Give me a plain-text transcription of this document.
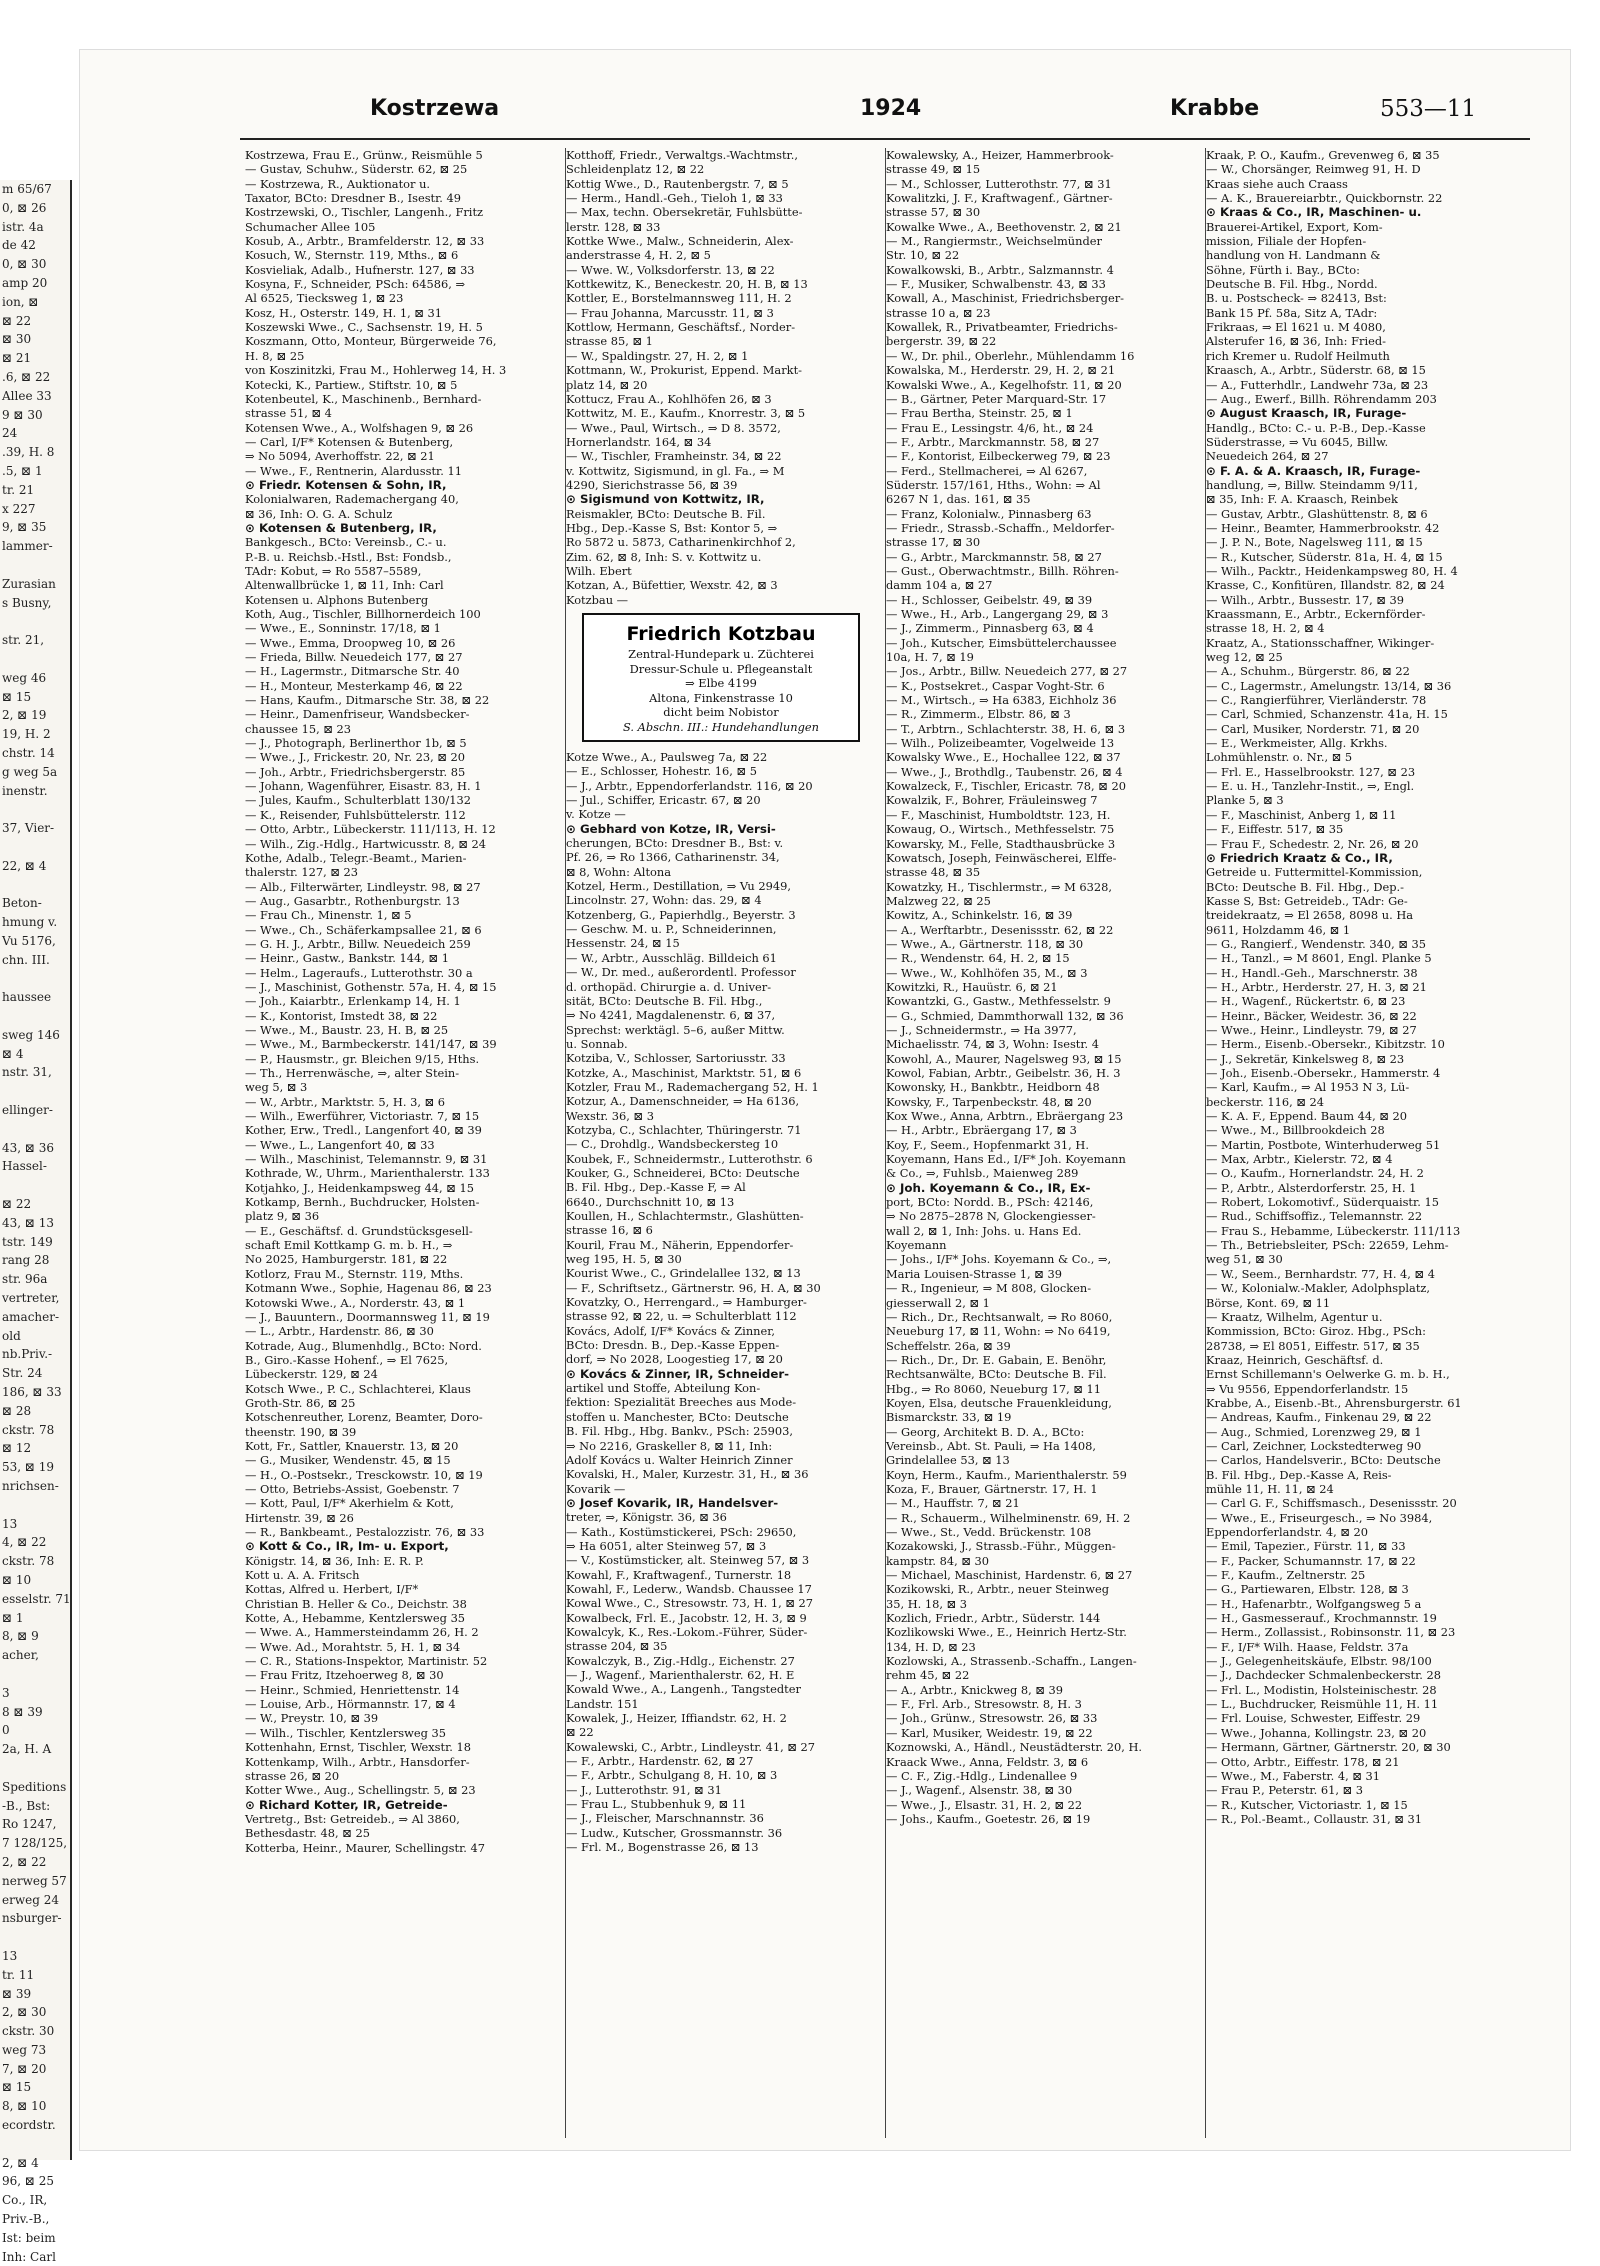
m 65/67
0, ⊠ 26
istr. 4a
de 42
0, ⊠ 30
amp 20
ion, ⊠
⊠ 22
⊠ 30
⊠ 21
.6, ⊠ 22
Allee 33
9 ⊠ 30
24
.39, H. 8
.5, ⊠ 1
tr. 21
x 227
9, ⊠ 35
lammer-

Zurasian
s Busny,

str. 21,

weg 46
⊠ 15
2, ⊠ 19
19, H. 2
chstr. 14
g weg 5a
inenstr.

37, Vier-

22, ⊠ 4

Beton-
hmung v.
Vu 5176,
chn. III.

haussee

sweg 146
⊠ 4
nstr. 31,

ellinger-

43, ⊠ 36
Hassel-

⊠ 22
43, ⊠ 13
tstr. 149
rang 28
str. 96a
vertreter,
amacher-
old
nb.Priv.-
Str. 24
186, ⊠ 33
⊠ 28
ckstr. 78
⊠ 12
53, ⊠ 19
nrichsen-

13
4, ⊠ 22
ckstr. 78
⊠ 10
esselstr. 71
⊠ 1
8, ⊠ 9
acher,

3
8 ⊠ 39
0
2a, H. A

Speditions
-B., Bst:
Ro 1247,
7 128/125,
2, ⊠ 22
nerweg 57
erweg 24
nsburger-

13
tr. 11
⊠ 39
2, ⊠ 30
ckstr. 30
weg 73
7, ⊠ 20
⊠ 15
8, ⊠ 10
ecordstr.

2, ⊠ 4
96, ⊠ 25
Co., IR,
Priv.-B.,
Ist: beim
Inh: Carl
Kostrzewa	1924	Krabbe	553—11
Kostrzewa, Frau E., Grünw., Reismühle 5
— Gustav, Schuhw., Süderstr. 62, ⊠ 25
— Kostrzewa, R., Auktionator u.
Taxator, BCto: Dresdner B., Isestr. 49
Kostrzewski, O., Tischler, Langenh., Fritz
Schumacher Allee 105
Kosub, A., Arbtr., Bramfelderstr. 12, ⊠ 33
Kosuch, W., Sternstr. 119, Mths., ⊠ 6
Kosvieliak, Adalb., Hufnerstr. 127, ⊠ 33
Kosyna, F., Schneider, PSch: 64586, ⇒
Al 6525, Tiecksweg 1, ⊠ 23
Kosz, H., Osterstr. 149, H. 1, ⊠ 31
Koszewski Wwe., C., Sachsenstr. 19, H. 5
Koszmann, Otto, Monteur, Bürgerweide 76,
H. 8, ⊠ 25
von Koszinitzki, Frau M., Hohlerweg 14, H. 3
Kotecki, K., Partiew., Stiftstr. 10, ⊠ 5
Kotenbeutel, K., Maschinenb., Bernhard-
strasse 51, ⊠ 4
Kotensen Wwe., A., Wolfshagen 9, ⊠ 26
— Carl, I/F* Kotensen & Butenberg,
⇒ No 5094, Averhoffstr. 22, ⊠ 21
— Wwe., F., Rentnerin, Alardusstr. 11
⊙ Friedr. Kotensen & Sohn, IR,
Kolonialwaren, Rademachergang 40,
⊠ 36, Inh: O. G. A. Schulz
⊙ Kotensen & Butenberg, IR,
Bankgesch., BCto: Vereinsb., C.- u.
P.-B. u. Reichsb.-Hstl., Bst: Fondsb.,
TAdr: Kobut, ⇒ Ro 5587–5589,
Altenwallbrücke 1, ⊠ 11, Inh: Carl
Kotensen u. Alphons Butenberg
Koth, Aug., Tischler, Billhornerdeich 100
— Wwe., E., Sonninstr. 17/18, ⊠ 1
— Wwe., Emma, Droopweg 10, ⊠ 26
— Frieda, Billw. Neuedeich 177, ⊠ 27
— H., Lagermstr., Ditmarsche Str. 40
— H., Monteur, Mesterkamp 46, ⊠ 22
— Hans, Kaufm., Ditmarsche Str. 38, ⊠ 22
— Heinr., Damenfriseur, Wandsbecker-
chaussee 15, ⊠ 23
— J., Photograph, Berlinerthor 1b, ⊠ 5
— Wwe., J., Frickestr. 20, Nr. 23, ⊠ 20
— Joh., Arbtr., Friedrichsbergerstr. 85
— Johann, Wagenführer, Eisastr. 83, H. 1
— Jules, Kaufm., Schulterblatt 130/132
— K., Reisender, Fuhlsbüttelerstr. 112
— Otto, Arbtr., Lübeckerstr. 111/113, H. 12
— Wilh., Zig.-Hdlg., Hartwicusstr. 8, ⊠ 24
Kothe, Adalb., Telegr.-Beamt., Marien-
thalerstr. 127, ⊠ 23
— Alb., Filterwärter, Lindleystr. 98, ⊠ 27
— Aug., Gasarbtr., Rothenburgstr. 13
— Frau Ch., Minenstr. 1, ⊠ 5
— Wwe., Ch., Schäferkampsallee 21, ⊠ 6
— G. H. J., Arbtr., Billw. Neuedeich 259
— Heinr., Gastw., Bankstr. 144, ⊠ 1
— Helm., Lageraufs., Lutterothstr. 30 a
— J., Maschinist, Gothenstr. 57a, H. 4, ⊠ 15
— Joh., Kaiarbtr., Erlenkamp 14, H. 1
— K., Kontorist, Imstedt 38, ⊠ 22
— Wwe., M., Baustr. 23, H. B, ⊠ 25
— Wwe., M., Barmbeckerstr. 141/147, ⊠ 39
— P., Hausmstr., gr. Bleichen 9/15, Hths.
— Th., Herrenwäsche, ⇒, alter Stein-
weg 5, ⊠ 3
— W., Arbtr., Marktstr. 5, H. 3, ⊠ 6
— Wilh., Ewerführer, Victoriastr. 7, ⊠ 15
Kother, Erw., Tredl., Langenfort 40, ⊠ 39
— Wwe., L., Langenfort 40, ⊠ 33
— Wilh., Maschinist, Telemannstr. 9, ⊠ 31
Kothrade, W., Uhrm., Marienthalerstr. 133
Kotjahko, J., Heidenkampsweg 44, ⊠ 15
Kotkamp, Bernh., Buchdrucker, Holsten-
platz 9, ⊠ 36
— E., Geschäftsf. d. Grundstücksgesell-
schaft Emil Kottkamp G. m. b. H., ⇒
No 2025, Hamburgerstr. 181, ⊠ 22
Kotlorz, Frau M., Sternstr. 119, Mths.
Kotmann Wwe., Sophie, Hagenau 86, ⊠ 23
Kotowski Wwe., A., Norderstr. 43, ⊠ 1
— J., Bauuntern., Doormannsweg 11, ⊠ 19
— L., Arbtr., Hardenstr. 86, ⊠ 30
Kotrade, Aug., Blumenhdlg., BCto: Nord.
B., Giro.-Kasse Hohenf., ⇒ El 7625,
Lübeckerstr. 129, ⊠ 24
Kotsch Wwe., P. C., Schlachterei, Klaus
Groth-Str. 86, ⊠ 25
Kotschenreuther, Lorenz, Beamter, Doro-
theenstr. 190, ⊠ 39
Kott, Fr., Sattler, Knauerstr. 13, ⊠ 20
— G., Musiker, Wendenstr. 45, ⊠ 15
— H., O.-Postsekr., Tresckowstr. 10, ⊠ 19
— Otto, Betriebs-Assist, Goebenstr. 7
— Kott, Paul, I/F* Akerhielm & Kott,
Hirtenstr. 39, ⊠ 26
— R., Bankbeamt., Pestalozzistr. 76, ⊠ 33
⊙ Kott & Co., IR, Im- u. Export,
Königstr. 14, ⊠ 36, Inh: E. R. P.
Kott u. A. A. Fritsch
Kottas, Alfred u. Herbert, I/F*
Christian B. Heller & Co., Deichstr. 38
Kotte, A., Hebamme, Kentzlersweg 35
— Wwe. A., Hammersteindamm 26, H. 2
— Wwe. Ad., Morahtstr. 5, H. 1, ⊠ 34
— C. R., Stations-Inspektor, Martinistr. 52
— Frau Fritz, Itzehoerweg 8, ⊠ 30
— Heinr., Schmied, Henriettenstr. 14
— Louise, Arb., Hörmannstr. 17, ⊠ 4
— W., Preystr. 10, ⊠ 39
— Wilh., Tischler, Kentzlersweg 35
Kottenhahn, Ernst, Tischler, Wexstr. 18
Kottenkamp, Wilh., Arbtr., Hansdorfer-
strasse 26, ⊠ 20
Kotter Wwe., Aug., Schellingstr. 5, ⊠ 23
⊙ Richard Kotter, IR, Getreide-
Vertretg., Bst: Getreideb., ⇒ Al 3860,
Bethesdastr. 48, ⊠ 25
Kotterba, Heinr., Maurer, Schellingstr. 47
Kotthoff, Friedr., Verwaltgs.-Wachtmstr.,
Schleidenplatz 12, ⊠ 22
Kottig Wwe., D., Rautenbergstr. 7, ⊠ 5
— Herm., Handl.-Geh., Tieloh 1, ⊠ 33
— Max, techn. Obersekretär, Fuhlsbütte-
lerstr. 128, ⊠ 33
Kottke Wwe., Malw., Schneiderin, Alex-
anderstrasse 4, H. 2, ⊠ 5
— Wwe. W., Volksdorferstr. 13, ⊠ 22
Kottkewitz, K., Beneckestr. 20, H. B, ⊠ 13
Kottler, E., Borstelmannsweg 111, H. 2
— Frau Johanna, Marcusstr. 11, ⊠ 3
Kottlow, Hermann, Geschäftsf., Norder-
strasse 85, ⊠ 1
— W., Spaldingstr. 27, H. 2, ⊠ 1
Kottmann, W., Prokurist, Eppend. Markt-
platz 14, ⊠ 20
Kottucz, Frau A., Kohlhöfen 26, ⊠ 3
Kottwitz, M. E., Kaufm., Knorrestr. 3, ⊠ 5
— Wwe., Paul, Wirtsch., ⇒ D 8. 3572,
Hornerlandstr. 164, ⊠ 34
— W., Tischler, Framheinstr. 34, ⊠ 22
v. Kottwitz, Sigismund, in gl. Fa., ⇒ M
4290, Sierichstrasse 56, ⊠ 39
⊙ Sigismund von Kottwitz, IR,
Reismakler, BCto: Deutsche B. Fil.
Hbg., Dep.-Kasse S, Bst: Kontor 5, ⇒
Ro 5872 u. 5873, Catharinenkirchhof 2,
Zim. 62, ⊠ 8, Inh: S. v. Kottwitz u.
Wilh. Ebert
Kotzan, A., Büfettier, Wexstr. 42, ⊠ 3
Kotzbau —
Friedrich Kotzbau
Zentral-Hundepark u. Züchterei
Dressur-Schule u. Pflegeanstalt
⇒ Elbe 4199
Altona, Finkenstrasse 10
dicht beim Nobistor
S. Abschn. III.: Hundehandlungen
Kotze Wwe., A., Paulsweg 7a, ⊠ 22
— E., Schlosser, Hohestr. 16, ⊠ 5
— J., Arbtr., Eppendorferlandstr. 116, ⊠ 20
— Jul., Schiffer, Ericastr. 67, ⊠ 20
v. Kotze —
⊙ Gebhard von Kotze, IR, Versi-
cherungen, BCto: Dresdner B., Bst: v.
Pf. 26, ⇒ Ro 1366, Catharinenstr. 34,
⊠ 8, Wohn: Altona
Kotzel, Herm., Destillation, ⇒ Vu 2949,
Lincolnstr. 27, Wohn: das. 29, ⊠ 4
Kotzenberg, G., Papierhdlg., Beyerstr. 3
— Geschw. M. u. P., Schneiderinnen,
Hessenstr. 24, ⊠ 15
— W., Arbtr., Ausschläg. Billdeich 61
— W., Dr. med., außerordentl. Professor
d. orthopäd. Chirurgie a. d. Univer-
sität, BCto: Deutsche B. Fil. Hbg.,
⇒ No 4241, Magdalenenstr. 6, ⊠ 37,
Sprechst: werktägl. 5–6, außer Mittw.
u. Sonnab.
Kotziba, V., Schlosser, Sartoriusstr. 33
Kotzke, A., Maschinist, Marktstr. 51, ⊠ 6
Kotzler, Frau M., Rademachergang 52, H. 1
Kotzur, A., Damenschneider, ⇒ Ha 6136,
Wexstr. 36, ⊠ 3
Kotzyba, C., Schlachter, Thüringerstr. 71
— C., Drohdlg., Wandsbeckersteg 10
Koubek, F., Schneidermstr., Lutterothstr. 6
Kouker, G., Schneiderei, BCto: Deutsche
B. Fil. Hbg., Dep.-Kasse F, ⇒ Al
6640., Durchschnitt 10, ⊠ 13
Koullen, H., Schlachtermstr., Glashütten-
strasse 16, ⊠ 6
Kouril, Frau M., Näherin, Eppendorfer-
weg 195, H. 5, ⊠ 30
Kourist Wwe., C., Grindelallee 132, ⊠ 13
— F., Schriftsetz., Gärtnerstr. 96, H. A, ⊠ 30
Kovatzky, O., Herrengard., ⇒ Hamburger-
strasse 92, ⊠ 22, u. ⇒ Schulterblatt 112
Kovács, Adolf, I/F* Kovács & Zinner,
BCto: Dresdn. B., Dep.-Kasse Eppen-
dorf, ⇒ No 2028, Loogestieg 17, ⊠ 20
⊙ Kovács & Zinner, IR, Schneider-
artikel und Stoffe, Abteilung Kon-
fektion: Spezialität Breeches aus Mode-
stoffen u. Manchester, BCto: Deutsche
B. Fil. Hbg., Hbg. Bankv., PSch: 25903,
⇒ No 2216, Graskeller 8, ⊠ 11, Inh:
Adolf Kovács u. Walter Heinrich Zinner
Kovalski, H., Maler, Kurzestr. 31, H., ⊠ 36
Kovarik —
⊙ Josef Kovarik, IR, Handelsver-
treter, ⇒, Königstr. 36, ⊠ 36
— Kath., Kostümstickerei, PSch: 29650,
⇒ Ha 6051, alter Steinweg 57, ⊠ 3
— V., Kostümsticker, alt. Steinweg 57, ⊠ 3
Kowahl, F., Kraftwagenf., Turnerstr. 18
Kowahl, F., Lederw., Wandsb. Chaussee 17
Kowal Wwe., C., Stresowstr. 73, H. 1, ⊠ 27
Kowalbeck, Frl. E., Jacobstr. 12, H. 3, ⊠ 9
Kowalcyk, K., Res.-Lokom.-Führer, Süder-
strasse 204, ⊠ 35
Kowalczyk, B., Zig.-Hdlg., Eichenstr. 27
— J., Wagenf., Marienthalerstr. 62, H. E
Kowald Wwe., A., Langenh., Tangstedter
Landstr. 151
Kowalek, J., Heizer, Iffiandstr. 62, H. 2
⊠ 22
Kowalewski, C., Arbtr., Lindleystr. 41, ⊠ 27
— F., Arbtr., Hardenstr. 62, ⊠ 27
— F., Arbtr., Schulgang 8, H. 10, ⊠ 3
— J., Lutterothstr. 91, ⊠ 31
— Frau L., Stubbenhuk 9, ⊠ 11
— J., Fleischer, Marschnannstr. 36
— Ludw., Kutscher, Grossmannstr. 36
— Frl. M., Bogenstrasse 26, ⊠ 13
Kowalewsky, A., Heizer, Hammerbrook-
strasse 49, ⊠ 15
— M., Schlosser, Lutterothstr. 77, ⊠ 31
Kowalitzki, J. F., Kraftwagenf., Gärtner-
strasse 57, ⊠ 30
Kowalke Wwe., A., Beethovenstr. 2, ⊠ 21
— M., Rangiermstr., Weichselmünder
Str. 10, ⊠ 22
Kowalkowski, B., Arbtr., Salzmannstr. 4
— F., Musiker, Schwalbenstr. 43, ⊠ 33
Kowall, A., Maschinist, Friedrichsberger-
strasse 10 a, ⊠ 23
Kowallek, R., Privatbeamter, Friedrichs-
bergerstr. 39, ⊠ 22
— W., Dr. phil., Oberlehr., Mühlendamm 16
Kowalska, M., Herderstr. 29, H. 2, ⊠ 21
Kowalski Wwe., A., Kegelhofstr. 11, ⊠ 20
— B., Gärtner, Peter Marquard-Str. 17
— Frau Bertha, Steinstr. 25, ⊠ 1
— Frau E., Lessingstr. 4/6, ht., ⊠ 24
— F., Arbtr., Marckmannstr. 58, ⊠ 27
— F., Kontorist, Eilbeckerweg 79, ⊠ 23
— Ferd., Stellmacherei, ⇒ Al 6267,
Süderstr. 157/161, Hths., Wohn: ⇒ Al
6267 N 1, das. 161, ⊠ 35
— Franz, Kolonialw., Pinnasberg 63
— Friedr., Strassb.-Schaffn., Meldorfer-
strasse 17, ⊠ 30
— G., Arbtr., Marckmannstr. 58, ⊠ 27
— Gust., Oberwachtmstr., Billh. Röhren-
damm 104 a, ⊠ 27
— H., Schlosser, Geibelstr. 49, ⊠ 39
— Wwe., H., Arb., Langergang 29, ⊠ 3
— J., Zimmerm., Pinnasberg 63, ⊠ 4
— Joh., Kutscher, Eimsbüttelerchaussee
10a, H. 7, ⊠ 19
— Jos., Arbtr., Billw. Neuedeich 277, ⊠ 27
— K., Postsekret., Caspar Voght-Str. 6
— M., Wirtsch., ⇒ Ha 6383, Eichholz 36
— R., Zimmerm., Elbstr. 86, ⊠ 3
— T., Arbtrn., Schlachterstr. 38, H. 6, ⊠ 3
— Wilh., Polizeibeamter, Vogelweide 13
Kowalsky Wwe., E., Hochallee 122, ⊠ 37
— Wwe., J., Brothdlg., Taubenstr. 26, ⊠ 4
Kowalzeck, F., Tischler, Ericastr. 78, ⊠ 20
Kowalzik, F., Bohrer, Fräuleinsweg 7
— F., Maschinist, Humboldtstr. 123, H.
Kowaug, O., Wirtsch., Methfesselstr. 75
Kowarsky, M., Felle, Stadthausbrücke 3
Kowatsch, Joseph, Feinwäscherei, Elffe-
strasse 48, ⊠ 35
Kowatzky, H., Tischlermstr., ⇒ M 6328,
Malzweg 22, ⊠ 25
Kowitz, A., Schinkelstr. 16, ⊠ 39
— A., Werftarbtr., Desenissstr. 62, ⊠ 22
— Wwe., A., Gärtnerstr. 118, ⊠ 30
— R., Wendenstr. 64, H. 2, ⊠ 15
— Wwe., W., Kohlhöfen 35, M., ⊠ 3
Kowitzki, R., Hauüstr. 6, ⊠ 21
Kowantzki, G., Gastw., Methfesselstr. 9
— G., Schmied, Dammthorwall 132, ⊠ 36
— J., Schneidermstr., ⇒ Ha 3977,
Michaelisstr. 74, ⊠ 3, Wohn: Isestr. 4
Kowohl, A., Maurer, Nagelsweg 93, ⊠ 15
Kowol, Fabian, Arbtr., Geibelstr. 36, H. 3
Kowonsky, H., Bankbtr., Heidborn 48
Kowsky, F., Tarpenbeckstr. 48, ⊠ 20
Kox Wwe., Anna, Arbtrn., Ebräergang 23
— H., Arbtr., Ebräergang 17, ⊠ 3
Koy, F., Seem., Hopfenmarkt 31, H.
Koyemann, Hans Ed., I/F* Joh. Koyemann
& Co., ⇒, Fuhlsb., Maienweg 289
⊙ Joh. Koyemann & Co., IR, Ex-
port, BCto: Nordd. B., PSch: 42146,
⇒ No 2875–2878 N, Glockengiesser-
wall 2, ⊠ 1, Inh: Johs. u. Hans Ed.
Koyemann
— Johs., I/F* Johs. Koyemann & Co., ⇒,
Maria Louisen-Strasse 1, ⊠ 39
— R., Ingenieur, ⇒ M 808, Glocken-
giesserwall 2, ⊠ 1
— Rich., Dr., Rechtsanwalt, ⇒ Ro 8060,
Neueburg 17, ⊠ 11, Wohn: ⇒ No 6419,
Scheffelstr. 26a, ⊠ 39
— Rich., Dr., Dr. E. Gabain, E. Benöhr,
Rechtsanwälte, BCto: Deutsche B. Fil.
Hbg., ⇒ Ro 8060, Neueburg 17, ⊠ 11
Koyen, Elsa, deutsche Frauenkleidung,
Bismarckstr. 33, ⊠ 19
— Georg, Architekt B. D. A., BCto:
Vereinsb., Abt. St. Pauli, ⇒ Ha 1408,
Grindelallee 53, ⊠ 13
Koyn, Herm., Kaufm., Marienthalerstr. 59
Koza, F., Brauer, Gärtnerstr. 17, H. 1
— M., Hauffstr. 7, ⊠ 21
— R., Schauerm., Wilhelminenstr. 69, H. 2
— Wwe., St., Vedd. Brückenstr. 108
Kozakowski, J., Strassb.-Führ., Müggen-
kampstr. 84, ⊠ 30
— Michael, Maschinist, Hardenstr. 6, ⊠ 27
Kozikowski, R., Arbtr., neuer Steinweg
35, H. 18, ⊠ 3
Kozlich, Friedr., Arbtr., Süderstr. 144
Kozlikowski Wwe., E., Heinrich Hertz-Str.
134, H. D, ⊠ 23
Kozlowski, A., Strassenb.-Schaffn., Langen-
rehm 45, ⊠ 22
— A., Arbtr., Knickweg 8, ⊠ 39
— F., Frl. Arb., Stresowstr. 8, H. 3
— Joh., Grünw., Stresowstr. 26, ⊠ 33
— Karl, Musiker, Weidestr. 19, ⊠ 22
Koznowski, A., Händl., Neustädterstr. 20, H.
Kraack Wwe., Anna, Feldstr. 3, ⊠ 6
— C. F., Zig.-Hdlg., Lindenallee 9
— J., Wagenf., Alsenstr. 38, ⊠ 30
— Wwe., J., Elsastr. 31, H. 2, ⊠ 22
— Johs., Kaufm., Goetestr. 26, ⊠ 19
Kraak, P. O., Kaufm., Grevenweg 6, ⊠ 35
— W., Chorsänger, Reimweg 91, H. D
Kraas siehe auch Craass
— A. K., Brauereiarbtr., Quickbornstr. 22
⊙ Kraas & Co., IR, Maschinen- u.
Brauerei-Artikel, Export, Kom-
mission, Filiale der Hopfen-
handlung von H. Landmann &
Söhne, Fürth i. Bay., BCto:
Deutsche B. Fil. Hbg., Nordd.
B. u. Postscheck- ⇒ 82413, Bst:
Bank 15 Pf. 58a, Sitz A, TAdr:
Frikraas, ⇒ El 1621 u. M 4080,
Alsterufer 16, ⊠ 36, Inh: Fried-
rich Kremer u. Rudolf Heilmuth
Kraasch, A., Arbtr., Süderstr. 68, ⊠ 15
— A., Futterhdlr., Landwehr 73a, ⊠ 23
— Aug., Ewerf., Billh. Röhrendamm 203
⊙ August Kraasch, IR, Furage-
Handlg., BCto: C.- u. P.-B., Dep.-Kasse
Süderstrasse, ⇒ Vu 6045, Billw.
Neuedeich 264, ⊠ 27
⊙ F. A. & A. Kraasch, IR, Furage-
handlung, ⇒, Billw. Steindamm 9/11,
⊠ 35, Inh: F. A. Kraasch, Reinbek
— Gustav, Arbtr., Glashüttenstr. 8, ⊠ 6
— Heinr., Beamter, Hammerbrookstr. 42
— J. P. N., Bote, Nagelsweg 111, ⊠ 15
— R., Kutscher, Süderstr. 81a, H. 4, ⊠ 15
— Wilh., Packtr., Heidenkampsweg 80, H. 4
Krasse, C., Konfitüren, Illandstr. 82, ⊠ 24
— Wilh., Arbtr., Bussestr. 17, ⊠ 39
Kraassmann, E., Arbtr., Eckernförder-
strasse 18, H. 2, ⊠ 4
Kraatz, A., Stationsschaffner, Wikinger-
weg 12, ⊠ 25
— A., Schuhm., Bürgerstr. 86, ⊠ 22
— C., Lagermstr., Amelungstr. 13/14, ⊠ 36
— C., Rangierführer, Vierländerstr. 78
— Carl, Schmied, Schanzenstr. 41a, H. 15
— Carl, Musiker, Norderstr. 71, ⊠ 20
— E., Werkmeister, Allg. Krkhs.
Lohmühlenstr. o. Nr., ⊠ 5
— Frl. E., Hasselbrookstr. 127, ⊠ 23
— E. u. H., Tanzlehr-Instit., ⇒, Engl.
Planke 5, ⊠ 3
— F., Maschinist, Anberg 1, ⊠ 11
— F., Eiffestr. 517, ⊠ 35
— Frau F., Schedestr. 2, Nr. 26, ⊠ 20
⊙ Friedrich Kraatz & Co., IR,
Getreide u. Futtermittel-Kommission,
BCto: Deutsche B. Fil. Hbg., Dep.-
Kasse S, Bst: Getreideb., TAdr: Ge-
treidekraatz, ⇒ El 2658, 8098 u. Ha
9611, Holzdamm 46, ⊠ 1
— G., Rangierf., Wendenstr. 340, ⊠ 35
— H., Tanzl., ⇒ M 8601, Engl. Planke 5
— H., Handl.-Geh., Marschnerstr. 38
— H., Arbtr., Herderstr. 27, H. 3, ⊠ 21
— H., Wagenf., Rückertstr. 6, ⊠ 23
— Heinr., Bäcker, Weidestr. 36, ⊠ 22
— Wwe., Heinr., Lindleystr. 79, ⊠ 27
— Herm., Eisenb.-Obersekr., Kibitzstr. 10
— J., Sekretär, Kinkelsweg 8, ⊠ 23
— Joh., Eisenb.-Obersekr., Hammerstr. 4
— Karl, Kaufm., ⇒ Al 1953 N 3, Lü-
beckerstr. 116, ⊠ 24
— K. A. F., Eppend. Baum 44, ⊠ 20
— Wwe., M., Billbrookdeich 28
— Martin, Postbote, Winterhuderweg 51
— Max, Arbtr., Kielerstr. 72, ⊠ 4
— O., Kaufm., Hornerlandstr. 24, H. 2
— P., Arbtr., Alsterdorferstr. 25, H. 1
— Robert, Lokomotivf., Süderquaistr. 15
— Rud., Schiffsoffiz., Telemannstr. 22
— Frau S., Hebamme, Lübeckerstr. 111/113
— Th., Betriebsleiter, PSch: 22659, Lehm-
weg 51, ⊠ 30
— W., Seem., Bernhardstr. 77, H. 4, ⊠ 4
— W., Kolonialw.-Makler, Adolphsplatz,
Börse, Kont. 69, ⊠ 11
— Kraatz, Wilhelm, Agentur u.
Kommission, BCto: Giroz. Hbg., PSch:
28738, ⇒ El 8051, Eiffestr. 517, ⊠ 35
Kraaz, Heinrich, Geschäftsf. d.
Ernst Schillemann's Oelwerke G. m. b. H.,
⇒ Vu 9556, Eppendorferlandstr. 15
Krabbe, A., Eisenb.-Bt., Ahrensburgerstr. 61
— Andreas, Kaufm., Finkenau 29, ⊠ 22
— Aug., Schmied, Lorenzweg 29, ⊠ 1
— Carl, Zeichner, Lockstedterweg 90
— Carlos, Handelsverir., BCto: Deutsche
B. Fil. Hbg., Dep.-Kasse A, Reis-
mühle 11, H. 11, ⊠ 24
— Carl G. F., Schiffsmasch., Desenissstr. 20
— Wwe., E., Friseurgesch., ⇒ No 3984,
Eppendorferlandstr. 4, ⊠ 20
— Emil, Tapezier., Fürstr. 11, ⊠ 33
— F., Packer, Schumannstr. 17, ⊠ 22
— F., Kaufm., Zeltnerstr. 25
— G., Partiewaren, Elbstr. 128, ⊠ 3
— H., Hafenarbtr., Wolfgangsweg 5 a
— H., Gasmesserauf., Krochmannstr. 19
— Herm., Zollassist., Robinsonstr. 11, ⊠ 23
— F., I/F* Wilh. Haase, Feldstr. 37a
— J., Gelegenheitskäufe, Elbstr. 98/100
— J., Dachdecker Schmalenbeckerstr. 28
— Frl. L., Modistin, Holsteinischestr. 28
— L., Buchdrucker, Reismühle 11, H. 11
— Frl. Louise, Schwester, Eiffestr. 29
— Wwe., Johanna, Kollingstr. 23, ⊠ 20
— Hermann, Gärtner, Gärtnerstr. 20, ⊠ 30
— Otto, Arbtr., Eiffestr. 178, ⊠ 21
— Wwe., M., Faberstr. 4, ⊠ 31
— Frau P., Peterstr. 61, ⊠ 3
— R., Kutscher, Victoriastr. 1, ⊠ 15
— R., Pol.-Beamt., Collaustr. 31, ⊠ 31
